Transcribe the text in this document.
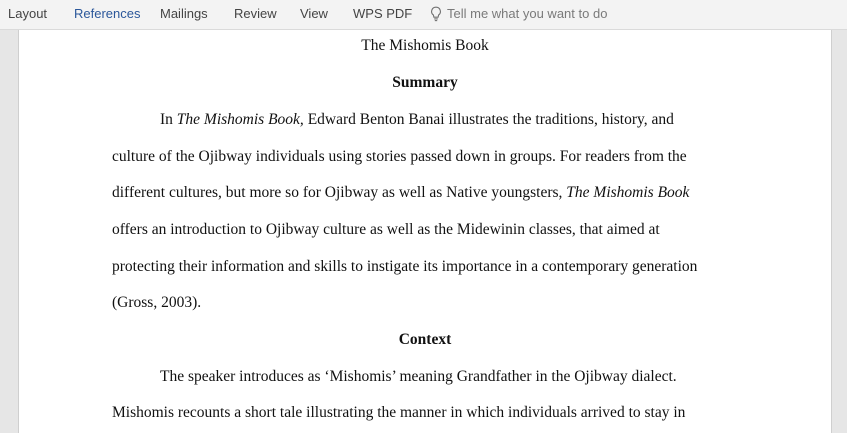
Layout References Mailings Review View WPS PDF	Tell me what you want to do
The Mishomis Book
Summary
In The Mishomis Book, Edward Benton Banai illustrates the traditions, history, and
culture of the Ojibway individuals using stories passed down in groups. For readers from the
different cultures, but more so for Ojibway as well as Native youngsters, The Mishomis Book
offers an introduction to Ojibway culture as well as the Midewinin classes, that aimed at
protecting their information and skills to instigate its importance in a contemporary generation
(Gross, 2003).
Context
The speaker introduces as ‘Mishomis’ meaning Grandfather in the Ojibway dialect.
Mishomis recounts a short tale illustrating the manner in which individuals arrived to stay in
